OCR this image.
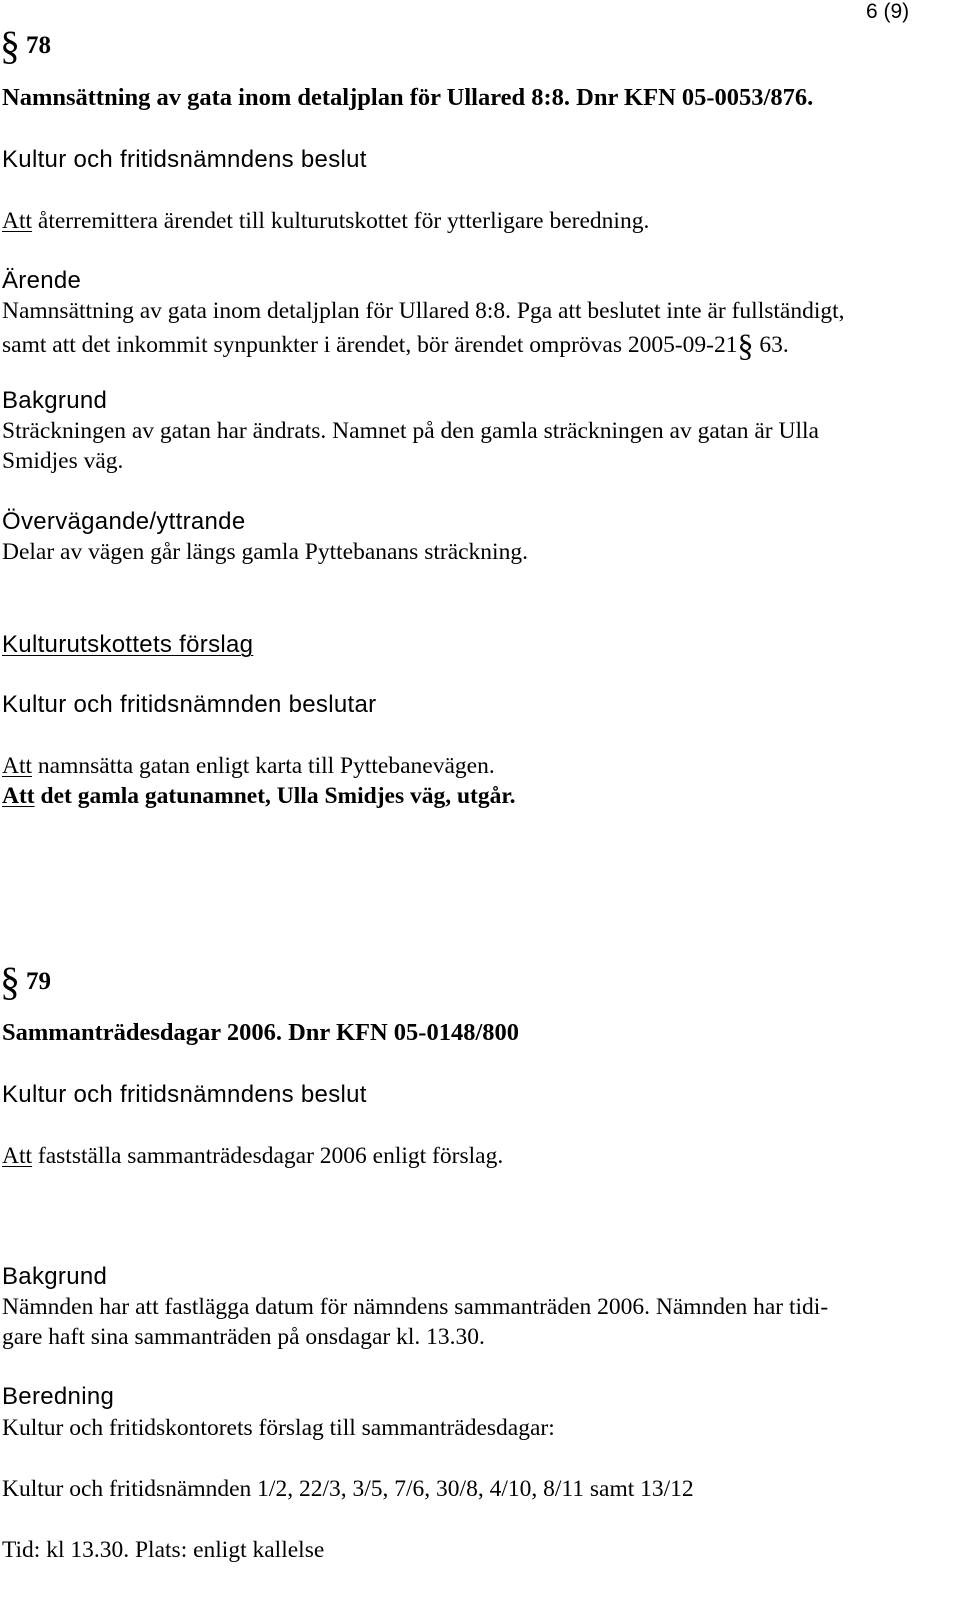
6 (9)
§ 78
Namnsättning av gata inom detaljplan för Ullared 8:8. Dnr KFN 05-0053/876.
Kultur och fritidsnämndens beslut
Att återremittera ärendet till kulturutskottet för ytterligare beredning.
Ärende
Namnsättning av gata inom detaljplan för Ullared 8:8. Pga att beslutet inte är fullständigt,
samt att det inkommit synpunkter i ärendet, bör ärendet omprövas 2005-09-21§ 63.
Bakgrund
Sträckningen av gatan har ändrats. Namnet på den gamla sträckningen av gatan är Ulla
Smidjes väg.
Övervägande/yttrande
Delar av vägen går längs gamla Pyttebanans sträckning.
Kulturutskottets förslag
Kultur och fritidsnämnden beslutar
Att namnsätta gatan enligt karta till Pyttebanevägen.
Att det gamla gatunamnet, Ulla Smidjes väg, utgår.
§ 79
Sammanträdesdagar 2006. Dnr KFN 05-0148/800
Kultur och fritidsnämndens beslut
Att fastställa sammanträdesdagar 2006 enligt förslag.
Bakgrund
Nämnden har att fastlägga datum för nämndens sammanträden 2006. Nämnden har tidi-
gare haft sina sammanträden på onsdagar kl. 13.30.
Beredning
Kultur och fritidskontorets förslag till sammanträdesdagar:
Kultur och fritidsnämnden 1/2, 22/3, 3/5, 7/6, 30/8, 4/10, 8/11 samt 13/12
Tid: kl 13.30. Plats: enligt kallelse
